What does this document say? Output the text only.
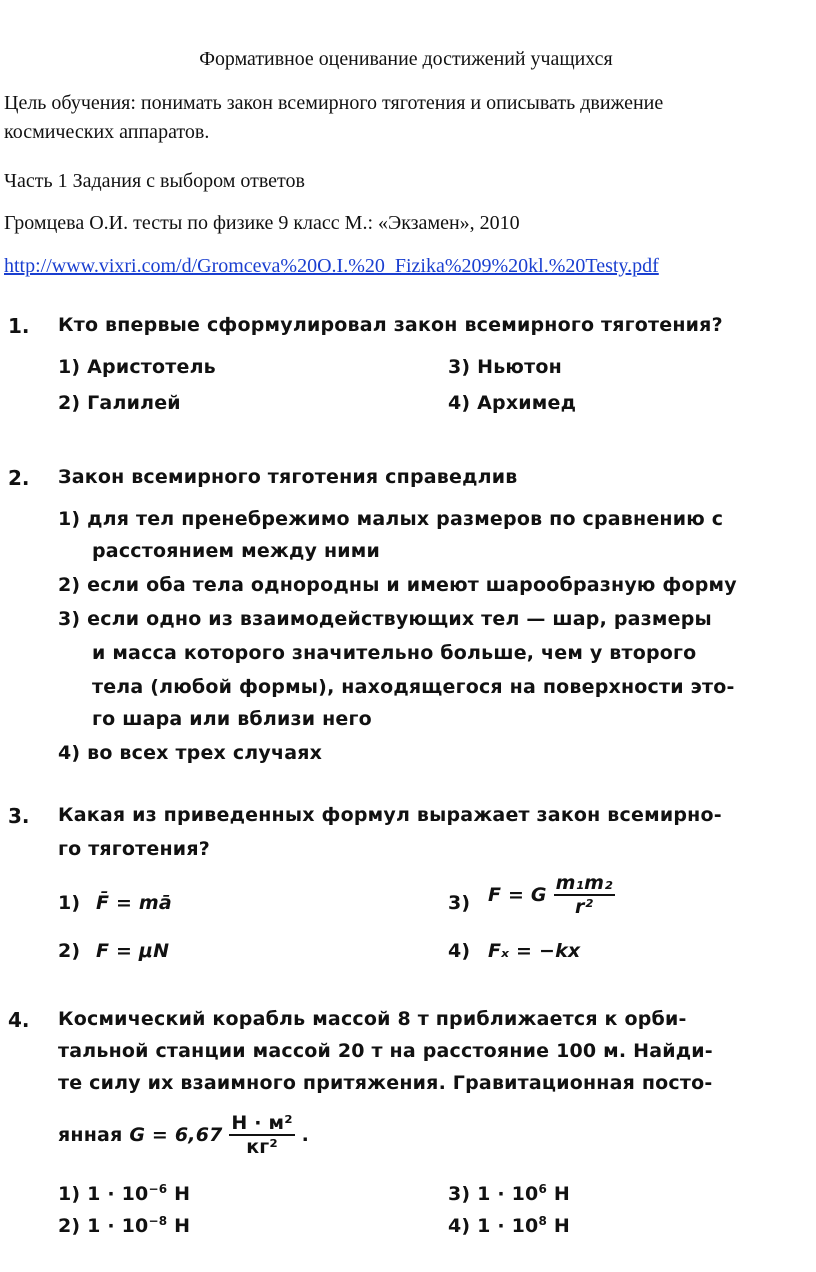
Формативное оценивание достижений учащихся
Цель обучения: понимать закон всемирного тяготения и описывать движение
космических аппаратов.
Часть 1 Задания с выбором ответов
Громцева О.И. тесты по физике 9 класс М.: «Экзамен», 2010
http://www.vixri.com/d/Gromceva%20O.I.%20_Fizika%209%20kl.%20Testy.pdf
1. Кто впервые сформулировал закон всемирного тяготения?
1) Аристотель	3) Ньютон
2) Галилей	4) Архимед
2. Закон всемирного тяготения справедлив
1) для тел пренебрежимо малых размеров по сравнению с
расстоянием между ними
2) если оба тела однородны и имеют шарообразную форму
3) если одно из взаимодействующих тел — шар, размеры
и масса которого значительно больше, чем у второго
тела (любой формы), находящегося на поверхности это-
го шара или вблизи него
4) во всех трех случаях
3. Какая из приведенных формул выражает закон всемирно-
го тяготения?
1) F̄ = mā	3) F = G $\frac{\text{m₁m₂}}{\text{r²}}$
2) F = μN	4) Fₓ = −kx
4. Космический корабль массой 8 т приближается к орби-
тальной станции массой 20 т на расстояние 100 м. Найди-
те силу их взаимного притяжения. Гравитационная посто-
янная $G = 6,67 \frac{\text{Н · м²}}{\text{кг²}}$ .
1) $1 \cdot 10^{-6}$ Н	3) $1 \cdot 10^6$ Н
2) $1 \cdot 10^{-8}$ Н	4) $1 \cdot 10^8$ Н
